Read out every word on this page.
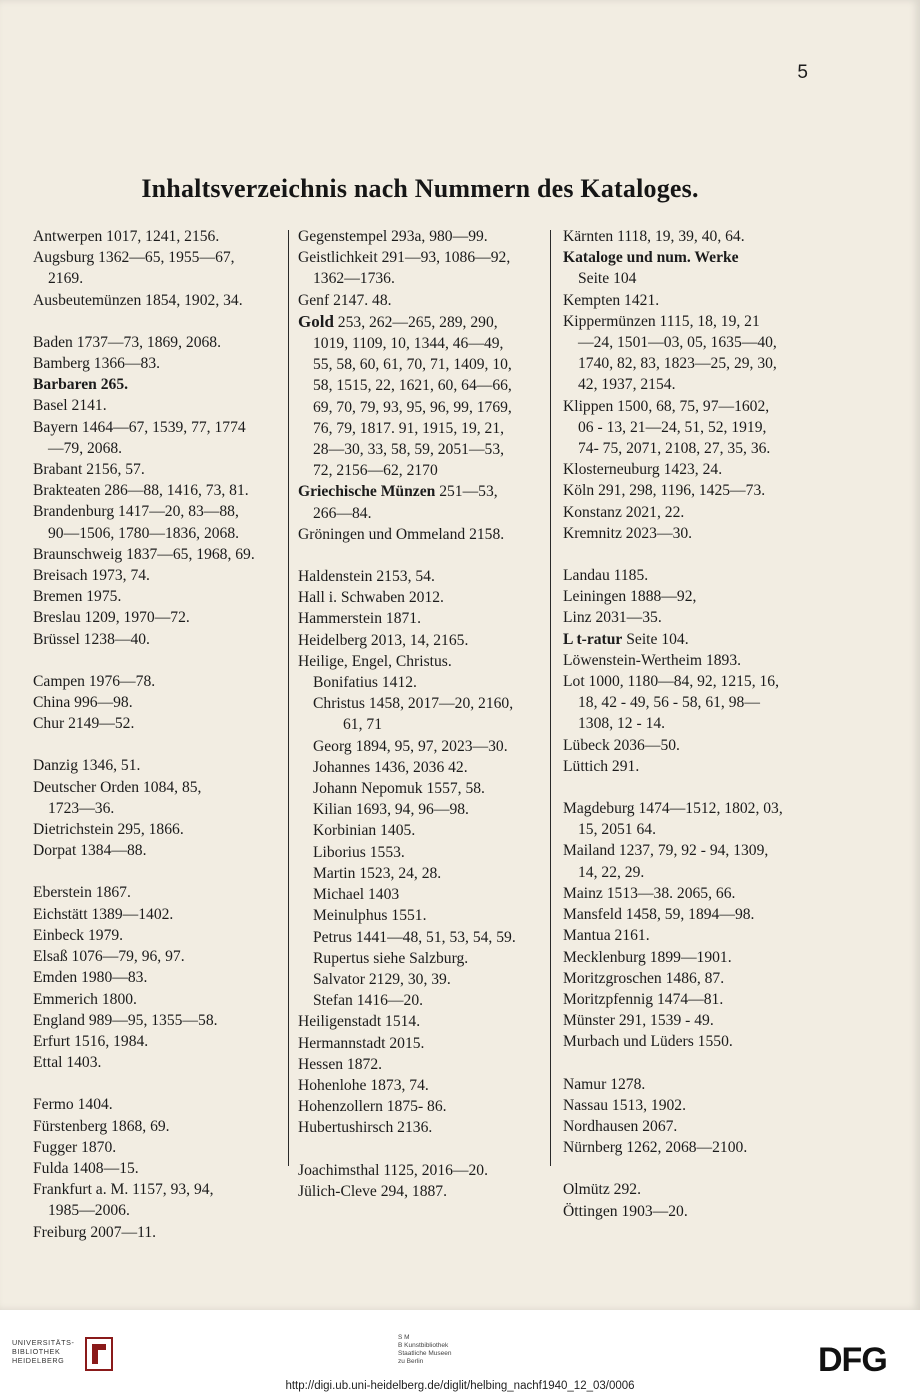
5
Inhaltsverzeichnis nach Nummern des Kataloges.
Antwerpen 1017, 1241, 2156.
Augsburg 1362—65, 1955—67,
2169.
Ausbeutemünzen 1854, 1902, 34.
Baden 1737—73, 1869, 2068.
Bamberg 1366—83.
Barbaren 265.
Basel 2141.
Bayern 1464—67, 1539, 77, 1774
—79, 2068.
Brabant 2156, 57.
Brakteaten 286—88, 1416, 73, 81.
Brandenburg 1417—20, 83—88,
90—1506, 1780—1836, 2068.
Braunschweig 1837—65, 1968, 69.
Breisach 1973, 74.
Bremen 1975.
Breslau 1209, 1970—72.
Brüssel 1238—40.
Campen 1976—78.
China 996—98.
Chur 2149—52.
Danzig 1346, 51.
Deutscher Orden 1084, 85,
1723—36.
Dietrichstein 295, 1866.
Dorpat 1384—88.
Eberstein 1867.
Eichstätt 1389—1402.
Einbeck 1979.
Elsaß 1076—79, 96, 97.
Emden 1980—83.
Emmerich 1800.
England 989—95, 1355—58.
Erfurt 1516, 1984.
Ettal 1403.
Fermo 1404.
Fürstenberg 1868, 69.
Fugger 1870.
Fulda 1408—15.
Frankfurt a. M. 1157, 93, 94,
1985—2006.
Freiburg 2007—11.
Gegenstempel 293a, 980—99.
Geistlichkeit 291—93, 1086—92,
1362—1736.
Genf 2147. 48.
Gold 253, 262—265, 289, 290,
1019, 1109, 10, 1344, 46—49,
55, 58, 60, 61, 70, 71, 1409, 10,
58, 1515, 22, 1621, 60, 64—66,
69, 70, 79, 93, 95, 96, 99, 1769,
76, 79, 1817. 91, 1915, 19, 21,
28—30, 33, 58, 59, 2051—53,
72, 2156—62, 2170
Griechische Münzen 251—53,
266—84.
Gröningen und Ommeland 2158.
Haldenstein 2153, 54.
Hall i. Schwaben 2012.
Hammerstein 1871.
Heidelberg 2013, 14, 2165.
Heilige, Engel, Christus.
Bonifatius 1412.
Christus 1458, 2017—20, 2160,
61, 71
Georg 1894, 95, 97, 2023—30.
Johannes 1436, 2036 42.
Johann Nepomuk 1557, 58.
Kilian 1693, 94, 96—98.
Korbinian 1405.
Liborius 1553.
Martin 1523, 24, 28.
Michael 1403
Meinulphus 1551.
Petrus 1441—48, 51, 53, 54, 59.
Rupertus siehe Salzburg.
Salvator 2129, 30, 39.
Stefan 1416—20.
Heiligenstadt 1514.
Hermannstadt 2015.
Hessen 1872.
Hohenlohe 1873, 74.
Hohenzollern 1875- 86.
Hubertushirsch 2136.
Joachimsthal 1125, 2016—20.
Jülich-Cleve 294, 1887.
Kärnten 1118, 19, 39, 40, 64.
Kataloge und num. Werke
Seite 104
Kempten 1421.
Kippermünzen 1115, 18, 19, 21
—24, 1501—03, 05, 1635—40,
1740, 82, 83, 1823—25, 29, 30,
42, 1937, 2154.
Klippen 1500, 68, 75, 97—1602,
06 - 13, 21—24, 51, 52, 1919,
74- 75, 2071, 2108, 27, 35, 36.
Klosterneuburg 1423, 24.
Köln 291, 298, 1196, 1425—73.
Konstanz 2021, 22.
Kremnitz 2023—30.
Landau 1185.
Leiningen 1888—92,
Linz 2031—35.
L t-ratur Seite 104.
Löwenstein-Wertheim 1893.
Lot 1000, 1180—84, 92, 1215, 16,
18, 42 - 49, 56 - 58, 61, 98—
1308, 12 - 14.
Lübeck 2036—50.
Lüttich 291.
Magdeburg 1474—1512, 1802, 03,
15, 2051 64.
Mailand 1237, 79, 92 - 94, 1309,
14, 22, 29.
Mainz 1513—38. 2065, 66.
Mansfeld 1458, 59, 1894—98.
Mantua 2161.
Mecklenburg 1899—1901.
Moritzgroschen 1486, 87.
Moritzpfennig 1474—81.
Münster 291, 1539 - 49.
Murbach und Lüders 1550.
Namur 1278.
Nassau 1513, 1902.
Nordhausen 2067.
Nürnberg 1262, 2068—2100.
Olmütz 292.
Öttingen 1903—20.
UNIVERSITÄTS-
BIBLIOTHEK
HEIDELBERG
S M
B Kunstbibliothek
Staatliche Museen
zu Berlin	DFG
http://digi.ub.uni-heidelberg.de/diglit/helbing_nachf1940_12_03/0006
